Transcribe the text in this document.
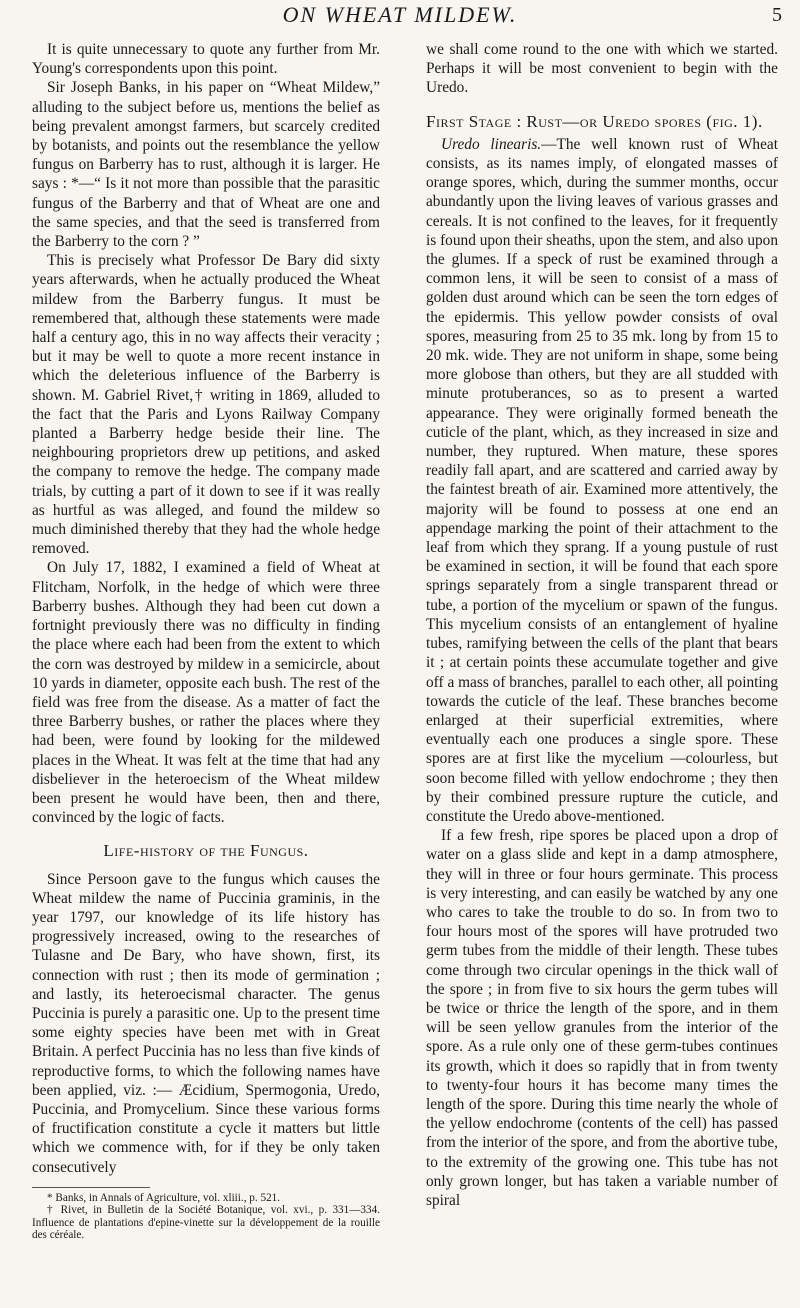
ON WHEAT MILDEW.	5

It is quite unnecessary to quote any further from Mr. Young's correspondents upon this point.

Sir Joseph Banks, in his paper on “Wheat Mildew,” alluding to the subject before us, mentions the belief as being prevalent amongst farmers, but scarcely credited by botanists, and points out the resemblance the yellow fungus on Barberry has to rust, although it is larger. He says : *—“ Is it not more than possible that the parasitic fungus of the Barberry and that of Wheat are one and the same species, and that the seed is transferred from the Barberry to the corn ? ”

This is precisely what Professor De Bary did sixty years afterwards, when he actually produced the Wheat mildew from the Barberry fungus. It must be remembered that, although these statements were made half a century ago, this in no way affects their veracity ; but it may be well to quote a more recent instance in which the deleterious influence of the Barberry is shown. M. Gabriel Rivet,† writing in 1869, alluded to the fact that the Paris and Lyons Railway Company planted a Barberry hedge beside their line. The neighbouring proprietors drew up petitions, and asked the company to remove the hedge. The company made trials, by cutting a part of it down to see if it was really as hurtful as was alleged, and found the mildew so much diminished thereby that they had the whole hedge removed.

On July 17, 1882, I examined a field of Wheat at Flitcham, Norfolk, in the hedge of which were three Barberry bushes. Although they had been cut down a fortnight previously there was no difficulty in finding the place where each had been from the extent to which the corn was destroyed by mildew in a semicircle, about 10 yards in diameter, opposite each bush. The rest of the field was free from the disease. As a matter of fact the three Barberry bushes, or rather the places where they had been, were found by looking for the mildewed places in the Wheat. It was felt at the time that had any disbeliever in the heteroecism of the Wheat mildew been present he would have been, then and there, convinced by the logic of facts.

Life-history of the Fungus.

Since Persoon gave to the fungus which causes the Wheat mildew the name of Puccinia graminis, in the year 1797, our knowledge of its life history has progressively increased, owing to the researches of Tulasne and De Bary, who have shown, first, its connection with rust ; then its mode of germination ; and lastly, its heteroecismal character. The genus Puccinia is purely a parasitic one. Up to the present time some eighty species have been met with in Great Britain. A perfect Puccinia has no less than five kinds of reproductive forms, to which the following names have been applied, viz. :— Æcidium, Spermogonia, Uredo, Puccinia, and Promycelium. Since these various forms of fructification constitute a cycle it matters but little which we commence with, for if they be only taken consecutively

* Banks, in Annals of Agriculture, vol. xliii., p. 521.

† Rivet, in Bulletin de la Société Botanique, vol. xvi., p. 331—334. Influence de plantations d'epine-vinette sur la développement de la rouille des céréale.

we shall come round to the one with which we started. Perhaps it will be most convenient to begin with the Uredo.

First Stage : Rust—or Uredo spores (fig. 1).

Uredo linearis.—The well known rust of Wheat consists, as its names imply, of elongated masses of orange spores, which, during the summer months, occur abundantly upon the living leaves of various grasses and cereals. It is not confined to the leaves, for it frequently is found upon their sheaths, upon the stem, and also upon the glumes. If a speck of rust be examined through a common lens, it will be seen to consist of a mass of golden dust around which can be seen the torn edges of the epidermis. This yellow powder consists of oval spores, measuring from 25 to 35 mk. long by from 15 to 20 mk. wide. They are not uniform in shape, some being more globose than others, but they are all studded with minute protuberances, so as to present a warted appearance. They were originally formed beneath the cuticle of the plant, which, as they increased in size and number, they ruptured. When mature, these spores readily fall apart, and are scattered and carried away by the faintest breath of air. Examined more attentively, the majority will be found to possess at one end an appendage marking the point of their attachment to the leaf from which they sprang. If a young pustule of rust be examined in section, it will be found that each spore springs separately from a single transparent thread or tube, a portion of the mycelium or spawn of the fungus. This mycelium consists of an entanglement of hyaline tubes, ramifying between the cells of the plant that bears it ; at certain points these accumulate together and give off a mass of branches, parallel to each other, all pointing towards the cuticle of the leaf. These branches become enlarged at their superficial extremities, where eventually each one produces a single spore. These spores are at first like the mycelium —colourless, but soon become filled with yellow endochrome ; they then by their combined pressure rupture the cuticle, and constitute the Uredo above-mentioned.

If a few fresh, ripe spores be placed upon a drop of water on a glass slide and kept in a damp atmosphere, they will in three or four hours germinate. This process is very interesting, and can easily be watched by any one who cares to take the trouble to do so. In from two to four hours most of the spores will have protruded two germ tubes from the middle of their length. These tubes come through two circular openings in the thick wall of the spore ; in from five to six hours the germ tubes will be twice or thrice the length of the spore, and in them will be seen yellow granules from the interior of the spore. As a rule only one of these germ-tubes continues its growth, which it does so rapidly that in from twenty to twenty-four hours it has become many times the length of the spore. During this time nearly the whole of the yellow endochrome (contents of the cell) has passed from the interior of the spore, and from the abortive tube, to the extremity of the growing one. This tube has not only grown longer, but has taken a variable number of spiral
